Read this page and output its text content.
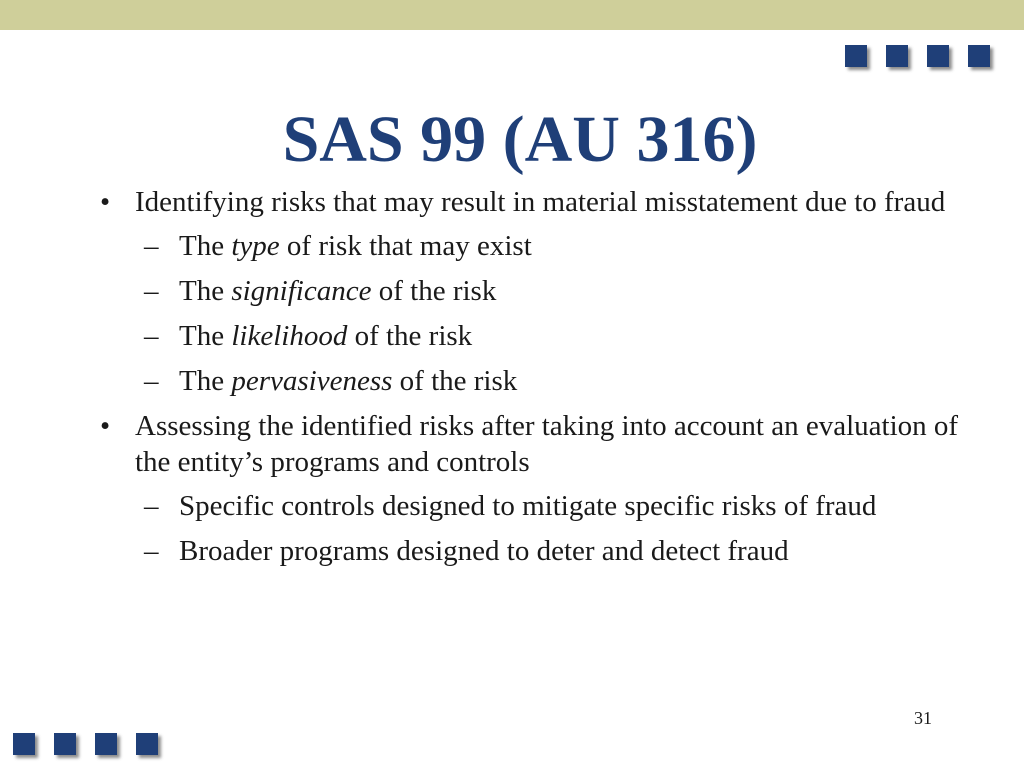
SAS 99 (AU 316)
• Identifying risks that may result in material misstatement due to fraud
– The type of risk that may exist
– The significance of the risk
– The likelihood of the risk
– The pervasiveness of the risk
• Assessing the identified risks after taking into account an evaluation of the entity’s programs and controls
– Specific controls designed to mitigate specific risks of fraud
– Broader programs designed to deter and detect fraud
31
